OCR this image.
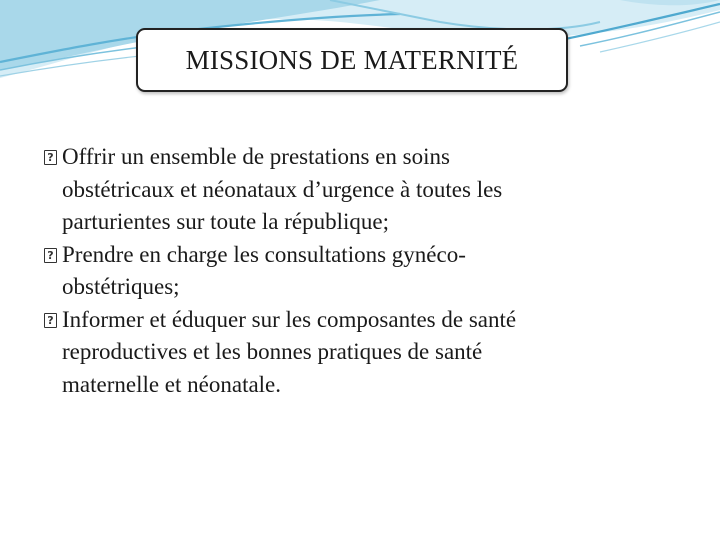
MISSIONS DE MATERNITÉ
?
Offrir un ensemble de prestations en soins
obstétricaux et néonataux d’urgence à toutes les
parturientes sur toute la république;
?
Prendre en charge les consultations gynéco-
obstétriques;
?
Informer et éduquer sur les composantes de santé
reproductives et les bonnes pratiques de santé
maternelle et néonatale.
